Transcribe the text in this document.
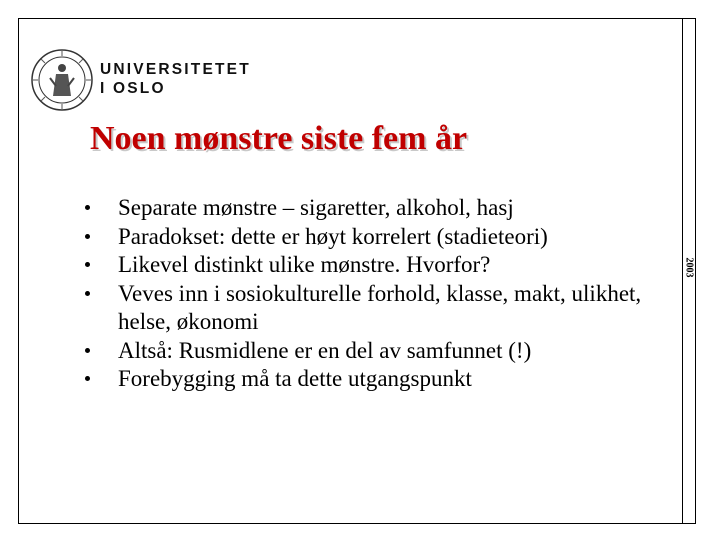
2003
UNIVERSITETET
I OSLO
Noen mønstre siste fem år
Separate mønstre – sigaretter, alkohol, hasj
Paradokset: dette er høyt korrelert (stadieteori)
Likevel distinkt ulike mønstre. Hvorfor?
Veves inn i sosiokulturelle forhold, klasse, makt, ulikhet, helse, økonomi
Altså: Rusmidlene er en del av samfunnet (!)
Forebygging må ta dette utgangspunkt
